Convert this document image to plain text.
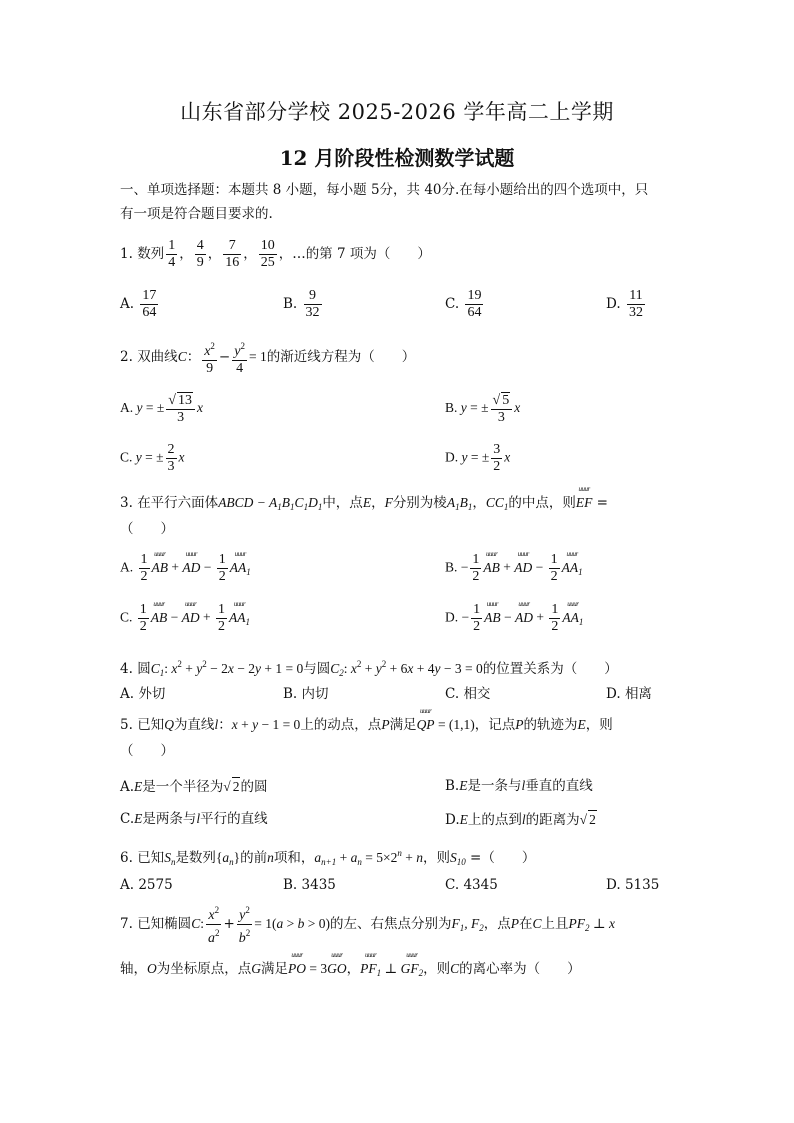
山东省部分学校 2025-2026 学年高二上学期
12 月阶段性检测数学试题
一、单项选择题：本题共 8 小题，每小题 5分，共 40分.在每小题给出的四个选项中，只
有一项是符合题目要求的.
1. 数列 $\frac{1}{4}$ ， $\frac{4}{9}$ ， $\frac{7}{16}$ ， $\frac{10}{25}$ ，…的第 7 项为（　　）
A. $\frac{17}{64}$	B. $\frac{9}{32}$	C. $\frac{19}{64}$	D. $\frac{11}{32}$
2. 双曲线C： $\frac{x^2}{9} - \frac{y^2}{4} = 1$的渐近线方程为（　　）
A. y = ± $\frac{√ 13}{3}$ x	B. y = ± $\frac{√ 5}{3}$ x
C. y = ± $\frac{2}{3}$ x	D. y = ± $\frac{3}{2}$ x
3. 在平行六面体ABCD − $A_1B_1C_1D_1$中，点E，F分别为棱$A_1B_1$，$CC_1$的中点，则uuur EF =
（　　）
A. $\frac{1}{2}$ uuur AB + uuur AD − $\frac{1}{2}$ uuur $AA_1$	B. − $\frac{1}{2}$ uuur AB + uuur AD − $\frac{1}{2}$ uuur $AA_1$
C. $\frac{1}{2}$ uuur AB − uuur AD + $\frac{1}{2}$ uuur $AA_1$	D. − $\frac{1}{2}$ uuur AB − uuur AD + $\frac{1}{2}$ uuur $AA_1$
4. 圆$C_1$: $x^2 + y^2 - 2x - 2y + 1 = 0$与圆$C_2$: $x^2 + y^2 + 6x + 4y - 3 = 0$的位置关系为（　　）
A. 外切	B. 内切	C. 相交	D. 相离
5. 已知Q为直线l：x + y − 1 = 0上的动点，点P满足uuur QP = (1,1)，记点P的轨迹为E，则
（　　）
A.E是一个半径为√ 2的圆	B.E是一条与l垂直的直线
C.E是两条与l平行的直线	D.E上的点到l的距离为√ 2
6. 已知$S_n$是数列$\{a_n\}$的前n项和，$a_{n+1} + a_n = 5\times 2^n + n$，则$S_{10}$ =（　　）
A. 2575	B. 3435	C. 4345	D. 5135
7. 已知椭圆C: $\frac{x^2}{a^2} + \frac{y^2}{b^2} = 1(a > b > 0)$的左、右焦点分别为$F_1$, $F_2$，点P在C上且$PF_2$ ⊥ x
轴，O为坐标原点，点G满足uuur PO = 3uuur GO，uuur $PF_1$ ⊥ uuur $GF_2$，则C的离心率为（　　）
